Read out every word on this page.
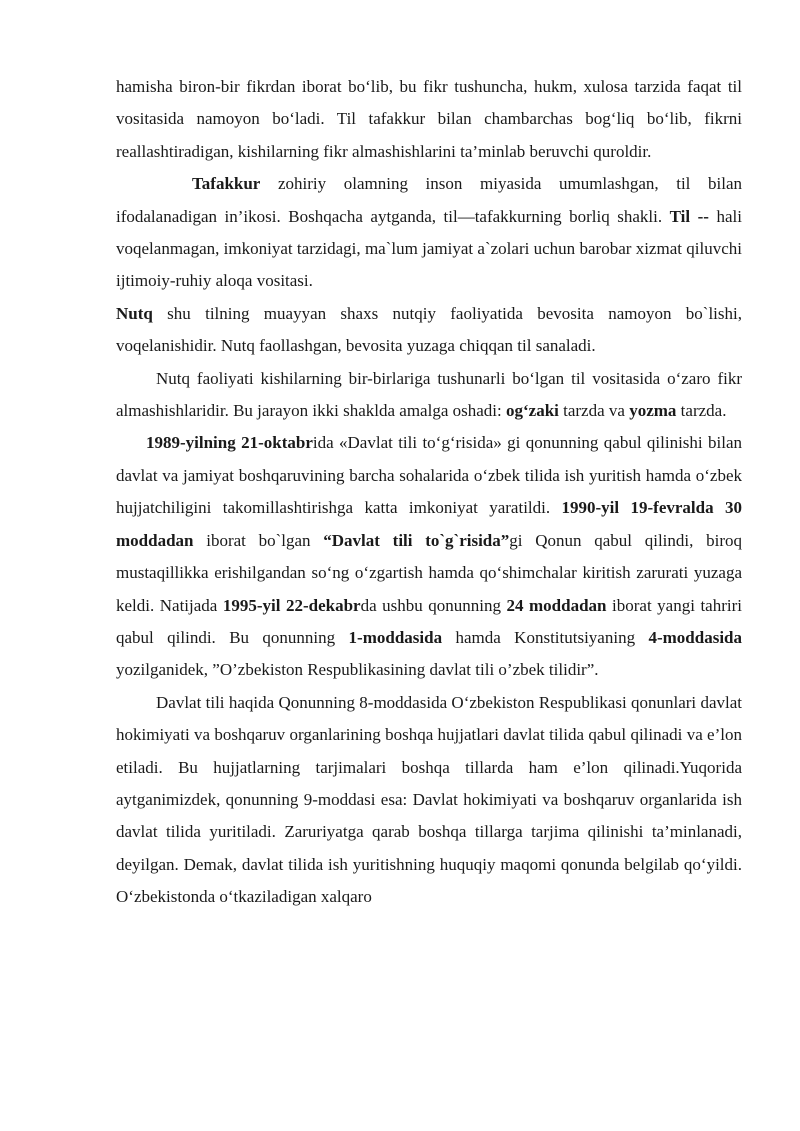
hamisha biron-bir fikrdan iborat bo‘lib, bu fikr tushuncha, hukm, xulosa tarzida faqat til vositasida namoyon bo‘ladi. Til tafakkur bilan chambarchas bog‘liq bo‘lib, fikrni reallashtiradigan, kishilarning fikr almashishlarini ta’minlab beruvchi quroldir.

Tafakkur zohiriy olamning inson miyasida umumlashgan, til bilan ifodalanadigan in’ikosi. Boshqacha aytganda, til—tafakkurning borliq shakli. Til -- hali voqelanmagan, imkoniyat tarzidagi, ma`lum jamiyat a`zolari uchun barobar xizmat qiluvchi ijtimoiy-ruhiy aloqa vositasi.

Nutq shu tilning muayyan shaxs nutqiy faoliyatida bevosita namoyon bo`lishi, voqelanishidir. Nutq faollashgan, bevosita yuzaga chiqqan til sanaladi.

Nutq faoliyati kishilarning bir-birlariga tushunarli bo‘lgan til vositasida o‘zaro fikr almashishlaridir. Bu jarayon ikki shaklda amalga oshadi: og‘zaki tarzda va yozma tarzda.

1989-yilning 21-oktabrida «Davlat tili to‘g‘risida» gi qonunning qabul qilinishi bilan davlat va jamiyat boshqaruvining barcha sohalarida o‘zbek tilida ish yuritish hamda o‘zbek hujjatchiligini takomillashtirishga katta imkoniyat yaratildi. 1990-yil 19-fevralda 30 moddadan iborat bo`lgan “Davlat tili to`g`risida”gi Qonun qabul qilindi, biroq mustaqillikka erishilgandan so‘ng o‘zgartish hamda qo‘shimchalar kiritish zarurati yuzaga keldi. Natijada 1995-yil 22-dekabrda ushbu qonunning 24 moddadan iborat yangi tahriri qabul qilindi. Bu qonunning 1-moddasida hamda Konstitutsiyaning 4-moddasida yozilganidek, ”O’zbekiston Respublikasining davlat tili o’zbek tilidir”.

Davlat tili haqida Qonunning 8-moddasida O‘zbekiston Respublikasi qonunlari davlat hokimiyati va boshqaruv organlarining boshqa hujjatlari davlat tilida qabul qilinadi va e’lon etiladi. Bu hujjatlarning tarjimalari boshqa tillarda ham e’lon qilinadi.Yuqorida aytganimizdek, qonunning 9-moddasi esa: Davlat hokimiyati va boshqaruv organlarida ish davlat tilida yuritiladi. Zaruriyatga qarab boshqa tillarga tarjima qilinishi ta’minlanadi, deyilgan. Demak, davlat tilida ish yuritishning huquqiy maqomi qonunda belgilab qo‘yildi. O‘zbekistonda o‘tkaziladigan xalqaro
